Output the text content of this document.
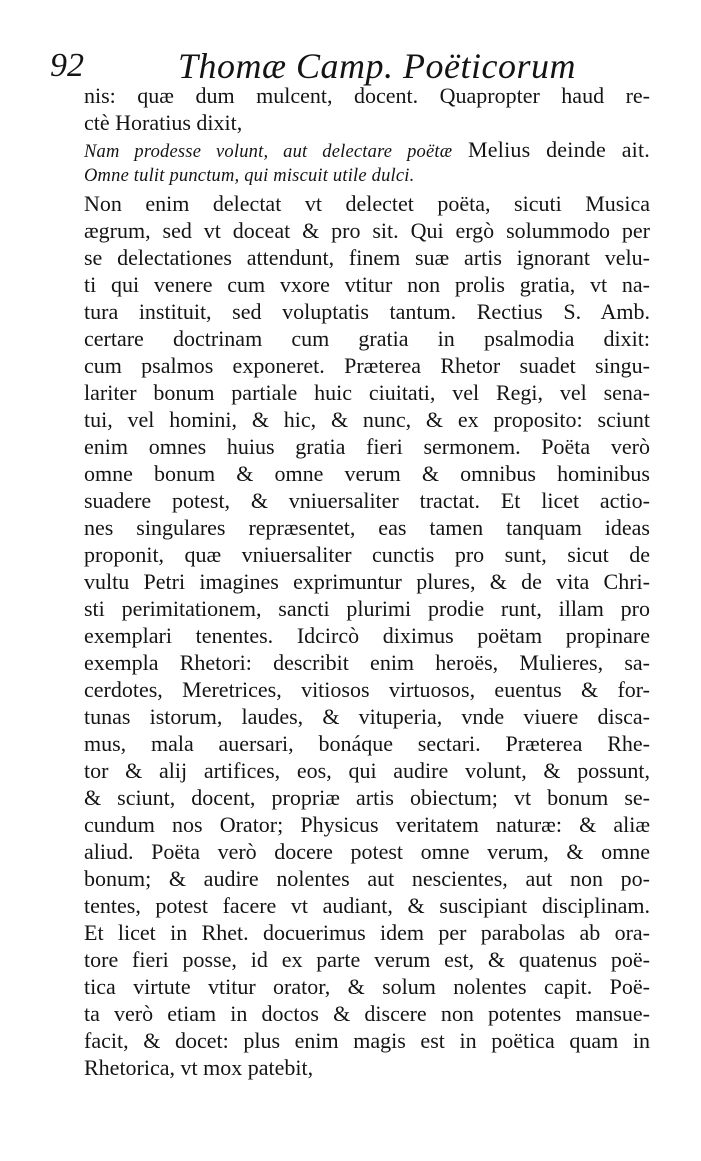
92	Thomæ Camp. Poëticorum
nis: quæ dum mulcent, docent. Quapropter haud re-
ctè Horatius dixit,
Nam prodesse volunt, aut delectare poëtæ Melius deinde ait.
Omne tulit punctum, qui miscuit utile dulci.
Non enim delectat vt delectet poëta, sicuti Musica
ægrum, sed vt doceat & pro sit. Qui ergò solummodo per
se delectationes attendunt, finem suæ artis ignorant velu-
ti qui venere cum vxore vtitur non prolis gratia, vt na-
tura instituit, sed voluptatis tantum. Rectius S. Amb.
certare doctrinam cum gratia in psalmodia dixit:
cum psalmos exponeret. Præterea Rhetor suadet singu-
lariter bonum partiale huic ciuitati, vel Regi, vel sena-
tui, vel homini, & hic, & nunc, & ex proposito: sciunt
enim omnes huius gratia fieri sermonem. Poëta verò
omne bonum & omne verum & omnibus hominibus
suadere potest, & vniuersaliter tractat. Et licet actio-
nes singulares repræsentet, eas tamen tanquam ideas
proponit, quæ vniuersaliter cunctis pro sunt, sicut de
vultu Petri imagines exprimuntur plures, & de vita Chri-
sti perimitationem, sancti plurimi prodie runt, illam pro
exemplari tenentes. Idcircò diximus poëtam propinare
exempla Rhetori: describit enim heroës, Mulieres, sa-
cerdotes, Meretrices, vitiosos virtuosos, euentus & for-
tunas istorum, laudes, & vituperia, vnde viuere disca-
mus, mala auersari, bonáque sectari. Præterea Rhe-
tor & alij artifices, eos, qui audire volunt, & possunt,
& sciunt, docent, propriæ artis obiectum; vt bonum se-
cundum nos Orator; Physicus veritatem naturæ: & aliæ
aliud. Poëta verò docere potest omne verum, & omne
bonum; & audire nolentes aut nescientes, aut non po-
tentes, potest facere vt audiant, & suscipiant disciplinam.
Et licet in Rhet. docuerimus idem per parabolas ab ora-
tore fieri posse, id ex parte verum est, & quatenus poë-
tica virtute vtitur orator, & solum nolentes capit. Poë-
ta verò etiam in doctos & discere non potentes mansue-
facit, & docet: plus enim magis est in poëtica quam in
Rhetorica, vt mox patebit,
